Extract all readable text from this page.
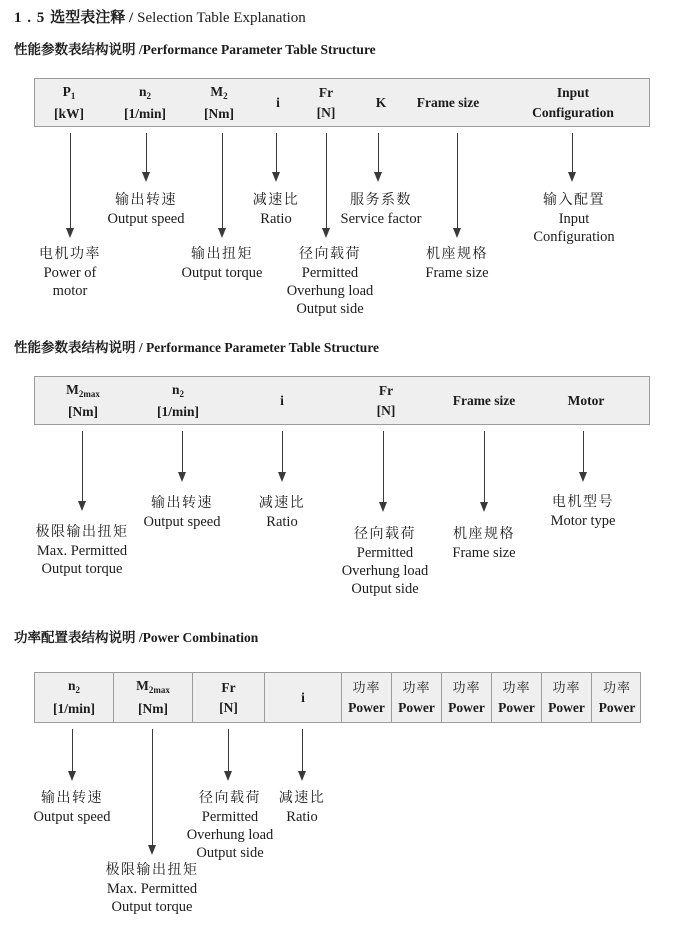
1 . 5 选型表注释 / Selection Table Explanation
性能参数表结构说明 /Performance Parameter Table Structure
$P_1$
[kW]
$n_2$
[1/min]
$M_2$
[Nm]
i
Fr
[N]
K Frame size
Input
Configuration
电机功率
Power of
motor
输出转速
Output speed
输出扭矩
Output torque
减速比
Ratio
径向载荷
Permitted
Overhung load
Output side
服务系数
Service factor
机座规格
Frame size
输入配置
Input
Configuration
性能参数表结构说明 / Performance Parameter Table Structure
$M_{2max}$
[Nm]
$n_2$
[1/min]
i
Fr
[N]
Frame size	Motor
极限输出扭矩
Max. Permitted
Output torque
输出转速
Output speed
减速比
Ratio
径向载荷
Permitted
Overhung load
Output side
机座规格
Frame size
电机型号
Motor type
功率配置表结构说明 /Power Combination
$n_2$
[1/min]
$M_{2max}$
[Nm]
Fr
[N]
i
功率
Power
功率
Power
功率
Power
功率
Power
功率
Power
功率
Power
输出转速
Output speed
极限输出扭矩
Max. Permitted
Output torque
径向载荷
Permitted
Overhung load
Output side
减速比
Ratio
